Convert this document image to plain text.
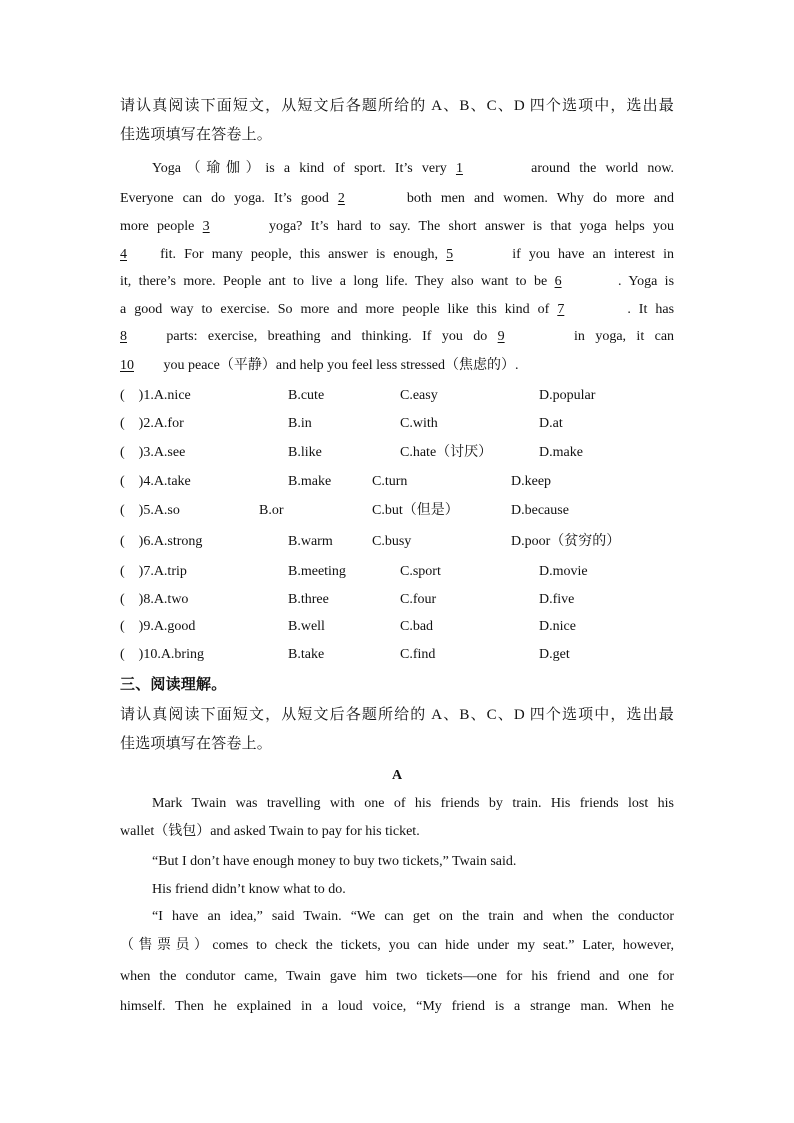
请认真阅读下面短文，从短文后各题所给的 A、B、C、D 四个选项中，选出最
佳选项填写在答卷上。
Yoga（瑜伽）is a kind of sport. It’s very 1	around the world now.
Everyone can do yoga. It’s good 2	both men and women. Why do more and
more people 3	yoga? It’s hard to say. The short answer is that yoga helps you
4 fit. For many people, this answer is enough, 5	if you have an interest in
it, there’s more. People ant to live a long life. They also want to be 6	. Yoga is
a good way to exercise. So more and more people like this kind of 7	. It has
8	parts: exercise, breathing and thinking. If you do 9	in yoga, it can
10 you peace（平静）and help you feel less stressed（焦虑的）.
(    )1.A.nice	B.cute	C.easy	D.popular
(    )2.A.for	B.in	C.with	D.at
(    )3.A.see	B.like	C.hate（讨厌）	D.make
(    )4.A.take	B.make	C.turn	D.keep
(    )5.A.so	B.or	C.but（但是）	D.because
(    )6.A.strong	B.warm	C.busy	D.poor（贫穷的）
(    )7.A.trip	B.meeting	C.sport	D.movie
(    )8.A.two	B.three	C.four	D.five
(    )9.A.good	B.well	C.bad	D.nice
(    )10.A.bring	B.take	C.find	D.get
三、阅读理解。
请认真阅读下面短文，从短文后各题所给的 A、B、C、D 四个选项中，选出最
佳选项填写在答卷上。
A
Mark Twain was travelling with one of his friends by train. His friends lost his
wallet（钱包）and asked Twain to pay for his ticket.
“But I don’t have enough money to buy two tickets,” Twain said.
His friend didn’t know what to do.
“I have an idea,” said Twain. “We can get on the train and when the conductor
（售票员）comes to check the tickets, you can hide under my seat.” Later, however,
when the condutor came, Twain gave him two tickets—one for his friend and one for
himself. Then he explained in a loud voice, “My friend is a strange man. When he
